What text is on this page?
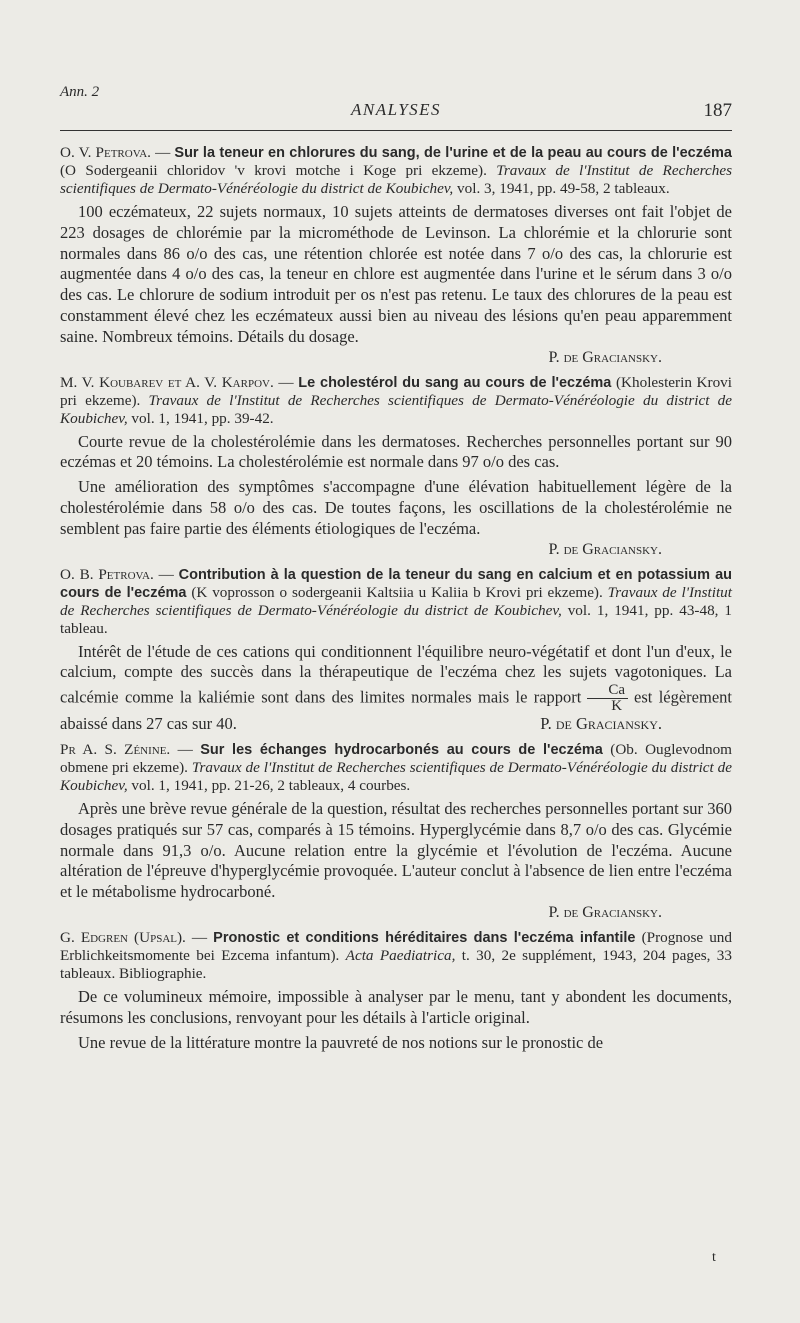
Ann. 2
ANALYSES	187

O. V. Petrova. — Sur la teneur en chlorures du sang, de l'urine et de la peau au cours de l'eczéma (O Sodergeanii chloridov 'v krovi motche i Koge pri ekzeme). Travaux de l'Institut de Recherches scientifiques de Dermato-Vénéréologie du district de Koubichev, vol. 3, 1941, pp. 49-58, 2 tableaux.

100 eczémateux, 22 sujets normaux, 10 sujets atteints de dermatoses diverses ont fait l'objet de 223 dosages de chlorémie par la microméthode de Levinson. La chlorémie et la chlorurie sont normales dans 86 o/o des cas, une rétention chlorée est notée dans 7 o/o des cas, la chlorurie est augmentée dans 4 o/o des cas, la teneur en chlore est augmentée dans l'urine et le sérum dans 3 o/o des cas. Le chlorure de sodium introduit per os n'est pas retenu. Le taux des chlorures de la peau est constamment élevé chez les eczémateux aussi bien au niveau des lésions qu'en peau apparemment saine. Nombreux témoins. Détails du dosage.

P. de Graciansky.

M. V. Koubarev et A. V. Karpov. — Le cholestérol du sang au cours de l'eczéma (Kholesterin Krovi pri ekzeme). Travaux de l'Institut de Recherches scientifiques de Dermato-Vénéréologie du district de Koubichev, vol. 1, 1941, pp. 39-42.

Courte revue de la cholestérolémie dans les dermatoses. Recherches personnelles portant sur 90 eczémas et 20 témoins. La cholestérolémie est normale dans 97 o/o des cas.

Une amélioration des symptômes s'accompagne d'une élévation habituellement légère de la cholestérolémie dans 58 o/o des cas. De toutes façons, les oscillations de la cholestérolémie ne semblent pas faire partie des éléments étiologiques de l'eczéma.

P. de Graciansky.

O. B. Petrova. — Contribution à la question de la teneur du sang en calcium et en potassium au cours de l'eczéma (K voprosson o sodergeanii Kaltsiia u Kaliia b Krovi pri ekzeme). Travaux de l'Institut de Recherches scientifiques de Dermato-Vénéréologie du district de Koubichev, vol. 1, 1941, pp. 43-48, 1 tableau.

Intérêt de l'étude de ces cations qui conditionnent l'équilibre neuro-végétatif et dont l'un d'eux, le calcium, compte des succès dans la thérapeutique de l'eczéma chez les sujets vagotoniques. La calcémie comme la kaliémie sont dans des limites normales mais le rapport $\frac{Ca}{K}$ est légèrement abaissé dans 27 cas sur 40.	P. de Graciansky.

Pr A. S. Zénine. — Sur les échanges hydrocarbonés au cours de l'eczéma (Ob. Ouglevodnom obmene pri ekzeme). Travaux de l'Institut de Recherches scientifiques de Dermato-Vénéréologie du district de Koubichev, vol. 1, 1941, pp. 21-26, 2 tableaux, 4 courbes.

Après une brève revue générale de la question, résultat des recherches personnelles portant sur 360 dosages pratiqués sur 57 cas, comparés à 15 témoins. Hyperglycémie dans 8,7 o/o des cas. Glycémie normale dans 91,3 o/o. Aucune relation entre la glycémie et l'évolution de l'eczéma. Aucune altération de l'épreuve d'hyperglycémie provoquée. L'auteur conclut à l'absence de lien entre l'eczéma et le métabolisme hydrocarboné.

P. de Graciansky.

G. Edgren (Upsal). — Pronostic et conditions héréditaires dans l'eczéma infantile (Prognose und Erblichkeitsmomente bei Ezcema infantum). Acta Paediatrica, t. 30, 2e supplément, 1943, 204 pages, 33 tableaux. Bibliographie.

De ce volumineux mémoire, impossible à analyser par le menu, tant y abondent les documents, résumons les conclusions, renvoyant pour les détails à l'article original.

Une revue de la littérature montre la pauvreté de nos notions sur le pronostic de

t
